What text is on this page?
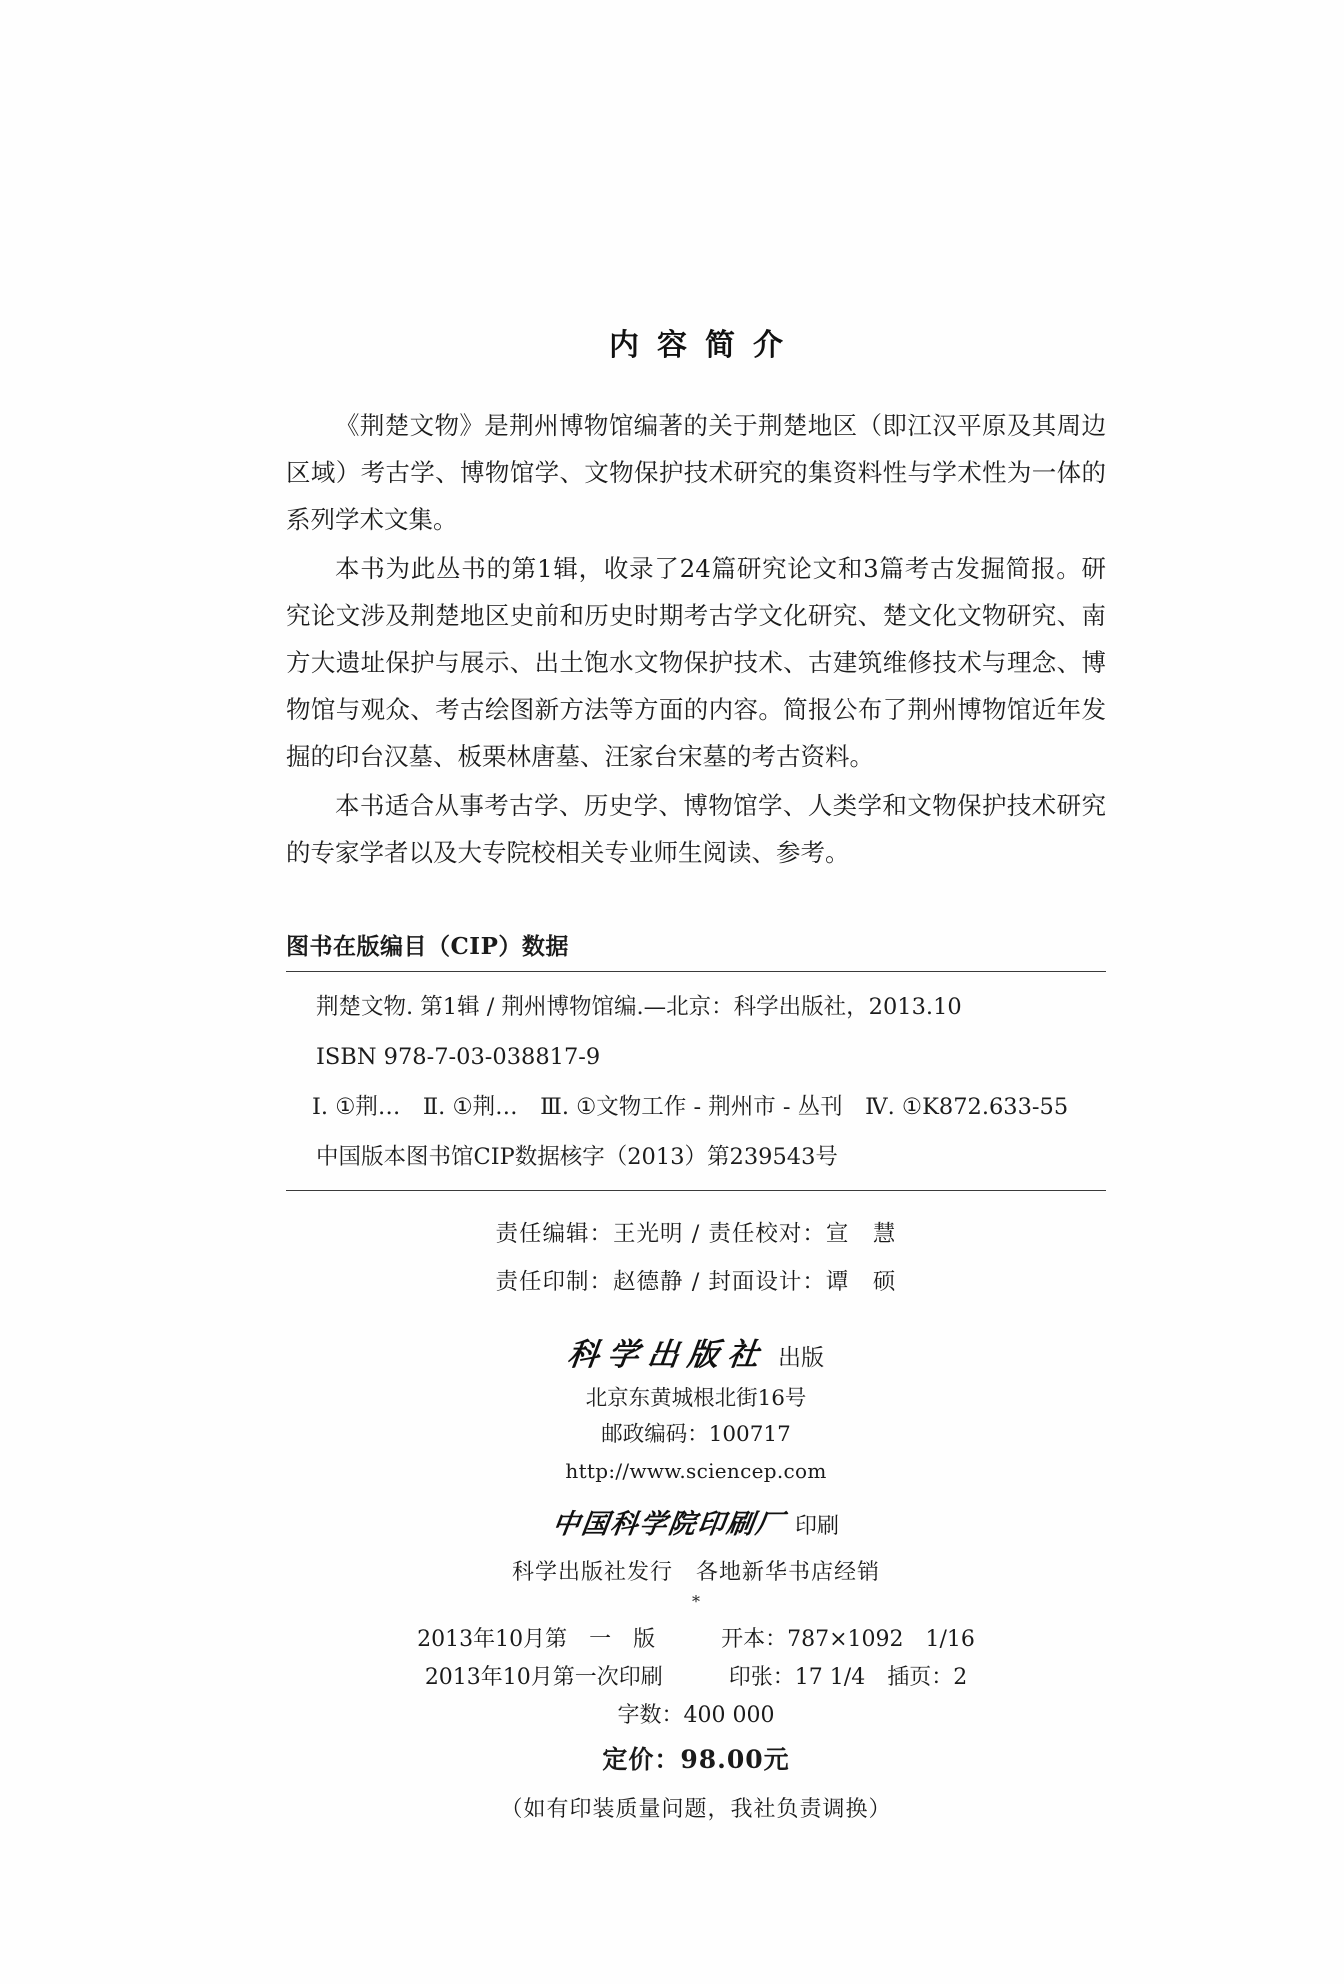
内容简介

《荆楚文物》是荆州博物馆编著的关于荆楚地区（即江汉平原及其周边区域）考古学、博物馆学、文物保护技术研究的集资料性与学术性为一体的系列学术文集。

本书为此丛书的第1辑，收录了24篇研究论文和3篇考古发掘简报。研究论文涉及荆楚地区史前和历史时期考古学文化研究、楚文化文物研究、南方大遗址保护与展示、出土饱水文物保护技术、古建筑维修技术与理念、博物馆与观众、考古绘图新方法等方面的内容。简报公布了荆州博物馆近年发掘的印台汉墓、板栗林唐墓、汪家台宋墓的考古资料。

本书适合从事考古学、历史学、博物馆学、人类学和文物保护技术研究的专家学者以及大专院校相关专业师生阅读、参考。

图书在版编目（CIP）数据

荆楚文物. 第1辑 / 荆州博物馆编.—北京：科学出版社，2013.10

ISBN 978-7-03-038817-9

Ⅰ. ①荆…　Ⅱ. ①荆…　Ⅲ. ①文物工作 - 荆州市 - 丛刊　Ⅳ. ①K872.633-55

中国版本图书馆CIP数据核字（2013）第239543号

责任编辑：王光明 / 责任校对：宣　慧

责任印制：赵德静 / 封面设计：谭　硕

科学出版社 出版
北京东黄城根北街16号
邮政编码：100717
http://www.sciencep.com
中国科学院印刷厂 印刷
科学出版社发行　各地新华书店经销
*
2013年10月第　一　版　　　开本：787×1092　1/16
2013年10月第一次印刷　　　印张：17 1/4　插页：2
字数：400 000
定价：98.00元
（如有印装质量问题，我社负责调换）
